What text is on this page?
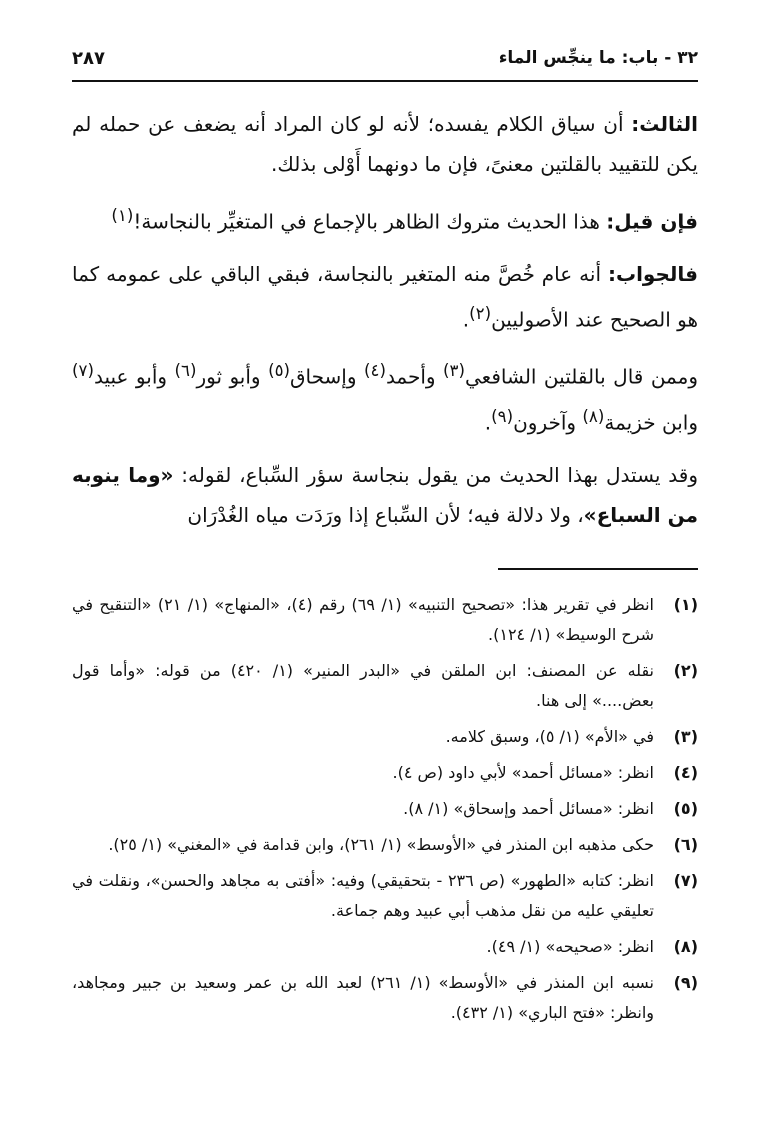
٣٢ - باب: ما ينجِّس الماء
٢٨٧

الثالث: أن سياق الكلام يفسده؛ لأنه لو كان المراد أنه يضعف عن حمله لم يكن للتقييد بالقلتين معنىً، فإن ما دونهما أَوْلى بذلك.

فإن قيل: هذا الحديث متروك الظاهر بالإجماع في المتغيِّر بالنجاسة!$^{(١)}$

فالجواب: أنه عام خُصَّ منه المتغير بالنجاسة، فبقي الباقي على عمومه كما هو الصحيح عند الأصوليين$^{(٢)}$.

وممن قال بالقلتين الشافعي$^{(٣)}$ وأحمد$^{(٤)}$ وإسحاق$^{(٥)}$ وأبو ثور$^{(٦)}$ وأبو عبيد$^{(٧)}$ وابن خزيمة$^{(٨)}$ وآخرون$^{(٩)}$.

وقد يستدل بهذا الحديث من يقول بنجاسة سؤر السِّباع، لقوله: «وما ينوبه من السباع»، ولا دلالة فيه؛ لأن السِّباع إذا ورَدَت مياه الغُدْرَان

(١)
انظر في تقرير هذا: «تصحيح التنبيه» (١/ ٦٩) رقم (٤)، «المنهاج» (١/ ٢١) «التنقيح في شرح الوسيط» (١/ ١٢٤).
(٢)
نقله عن المصنف: ابن الملقن في «البدر المنير» (١/ ٤٢٠) من قوله: «وأما قول بعض....» إلى هنا.
(٣)
في «الأم» (١/ ٥)، وسبق كلامه.
(٤)
انظر: «مسائل أحمد» لأبي داود (ص ٤).
(٥)
انظر: «مسائل أحمد وإسحاق» (١/ ٨).
(٦)
حكى مذهبه ابن المنذر في «الأوسط» (١/ ٢٦١)، وابن قدامة في «المغني» (١/ ٢٥).
(٧)
انظر: كتابه «الطهور» (ص ٢٣٦ - بتحقيقي) وفيه: «أفتى به مجاهد والحسن»، ونقلت في تعليقي عليه من نقل مذهب أبي عبيد وهم جماعة.
(٨)
انظر: «صحيحه» (١/ ٤٩).
(٩)
نسبه ابن المنذر في «الأوسط» (١/ ٢٦١) لعبد الله بن عمر وسعيد بن جبير ومجاهد، وانظر: «فتح الباري» (١/ ٤٣٢).
